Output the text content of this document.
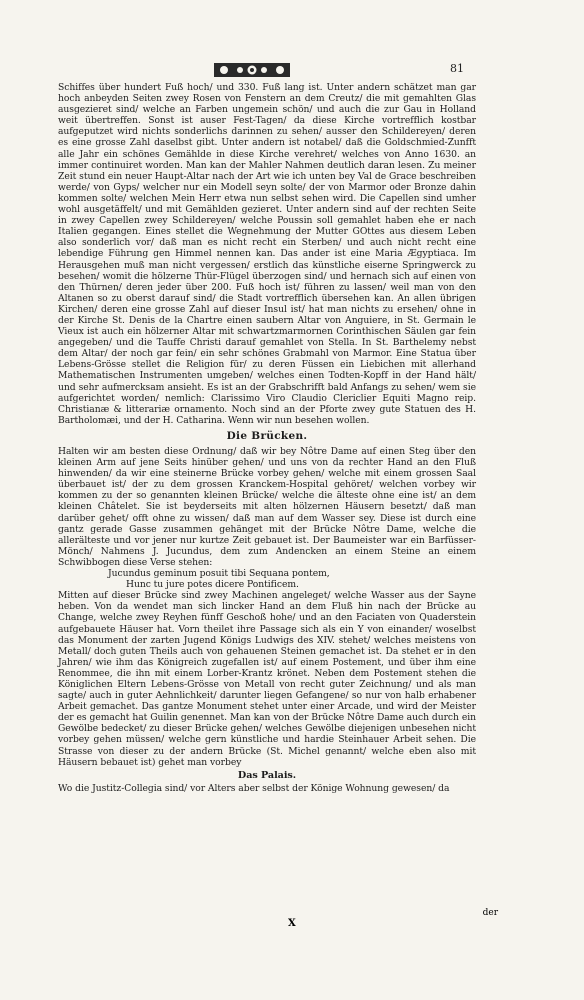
81

Schiffes über hundert Fuß hoch/ und 330. Fuß lang ist. Unter andern schätzet man gar hoch anbeyden Seiten zwey Rosen von Fenstern an dem Creutz/ die mit gemahlten Glas ausgezieret sind/ welche an Farben ungemein schön/ und auch die zur Gau in Holland weit übertreffen. Sonst ist auser Fest-Tagen/ da diese Kirche vortrefflich kostbar aufgeputzet wird nichts sonderlichs darinnen zu sehen/ ausser den Schildereyen/ deren es eine grosse Zahl daselbst gibt. Unter andern ist notabel/ daß die Goldschmied-Zunfft alle Jahr ein schönes Gemählde in diese Kirche verehret/ welches von Anno 1630. an immer continuiret worden. Man kan der Mahler Nahmen deutlich daran lesen. Zu meiner Zeit stund ein neuer Haupt-Altar nach der Art wie ich unten bey Val de Grace beschreiben werde/ von Gyps/ welcher nur ein Modell seyn solte/ der von Marmor oder Bronze dahin kommen solte/ welchen Mein Herr etwa nun selbst sehen wird. Die Capellen sind umher wohl ausgetäffelt/ und mit Gemählden gezieret. Unter andern sind auf der rechten Seite in zwey Capellen zwey Schildereyen/ welche Poussin soll gemahlet haben ehe er nach Italien gegangen. Eines stellet die Wegnehmung der Mutter GOttes aus diesem Leben also sonderlich vor/ daß man es nicht recht ein Sterben/ und auch nicht recht eine lebendige Führung gen Himmel nennen kan. Das ander ist eine Maria Ægyptiaca. Im Herausgehen muß man nicht vergessen/ erstlich das künstliche eiserne Springwerck zu besehen/ womit die hölzerne Thür-Flügel überzogen sind/ und hernach sich auf einen von den Thürnen/ deren jeder über 200. Fuß hoch ist/ führen zu lassen/ weil man von den Altanen so zu oberst darauf sind/ die Stadt vortrefflich übersehen kan. An allen übrigen Kirchen/ deren eine grosse Zahl auf dieser Insul ist/ hat man nichts zu ersehen/ ohne in der Kirche St. Denis de la Chartre einen saubern Altar von Anguiere, in St. Germain le Vieux ist auch ein hölzerner Altar mit schwartzmarmornen Corinthischen Säulen gar fein angegeben/ und die Tauffe Christi darauf gemahlet von Stella. In St. Barthelemy nebst dem Altar/ der noch gar fein/ ein sehr schönes Grabmahl von Marmor. Eine Statua über Lebens-Grösse stellet die Religion für/ zu deren Füssen ein Liebichen mit allerhand Mathematischen Instrumenten umgeben/ welches einen Todten-Kopff in der Hand hält/ und sehr aufmercksam ansieht. Es ist an der Grabschrifft bald Anfangs zu sehen/ wem sie aufgerichtet worden/ nemlich: Clarissimo Viro Claudio Clericlier Equiti Magno reip. Christianæ & litterariæ ornamento. Noch sind an der Pforte zwey gute Statuen des H. Bartholomæi, und der H. Catharina. Wenn wir nun besehen wollen.

Die Brücken.

Halten wir am besten diese Ordnung/ daß wir bey Nôtre Dame auf einen Steg über den kleinen Arm auf jene Seits hinüber gehen/ und uns von da rechter Hand an den Fluß hinwenden/ da wir eine steinerne Brücke vorbey gehen/ welche mit einem grossen Saal überbauet ist/ der zu dem grossen Kranckem-Hospital gehöret/ welchen vorbey wir kommen zu der so genannten kleinen Brücke/ welche die älteste ohne eine ist/ an dem kleinen Châtelet. Sie ist beyderseits mit alten hölzernen Häusern besetzt/ daß man darüber gehet/ offt ohne zu wissen/ daß man auf dem Wasser sey. Diese ist durch eine gantz gerade Gasse zusammen gehänget mit der Brücke Nôtre Dame, welche die allerälteste und vor jener nur kurtze Zeit gebauet ist. Der Baumeister war ein Barfüsser-Mönch/ Nahmens J. Jucundus, dem zum Andencken an einem Steine an einem Schwibbogen diese Verse stehen:

Jucundus geminum posuit tibi Sequana pontem,

Hunc tu jure potes dicere Pontificem.

Mitten auf dieser Brücke sind zwey Machinen angeleget/ welche Wasser aus der Sayne heben. Von da wendet man sich lincker Hand an dem Fluß hin nach der Brücke au Change, welche zwey Reyhen fünff Geschoß hohe/ und an den Faciaten von Quaderstein aufgebauete Häuser hat. Vorn theilet ihre Passage sich als ein Y von einander/ woselbst das Monument der zarten Jugend Königs Ludwigs des XIV. stehet/ welches meistens von Metall/ doch guten Theils auch von gehauenen Steinen gemachet ist. Da stehet er in den Jahren/ wie ihm das Königreich zugefallen ist/ auf einem Postement, und über ihm eine Renommee, die ihn mit einem Lorber-Krantz krönet. Neben dem Postement stehen die Königlichen Eltern Lebens-Grösse von Metall von recht guter Zeichnung/ und als man sagte/ auch in guter Aehnlichkeit/ darunter liegen Gefangene/ so nur von halb erhabener Arbeit gemachet. Das gantze Monument stehet unter einer Arcade, und wird der Meister der es gemacht hat Guilin genennet. Man kan von der Brücke Nôtre Dame auch durch ein Gewölbe bedecket/ zu dieser Brücke gehen/ welches Gewölbe diejenigen unbesehen nicht vorbey gehen müssen/ welche gern künstliche und hardie Steinhauer Arbeit sehen. Die Strasse von dieser zu der andern Brücke (St. Michel genannt/ welche eben also mit Häusern bebauet ist) gehet man vorbey

Das Palais.

Wo die Justitz-Collegia sind/ vor Alters aber selbst der Könige Wohnung gewesen/ da

X
der
